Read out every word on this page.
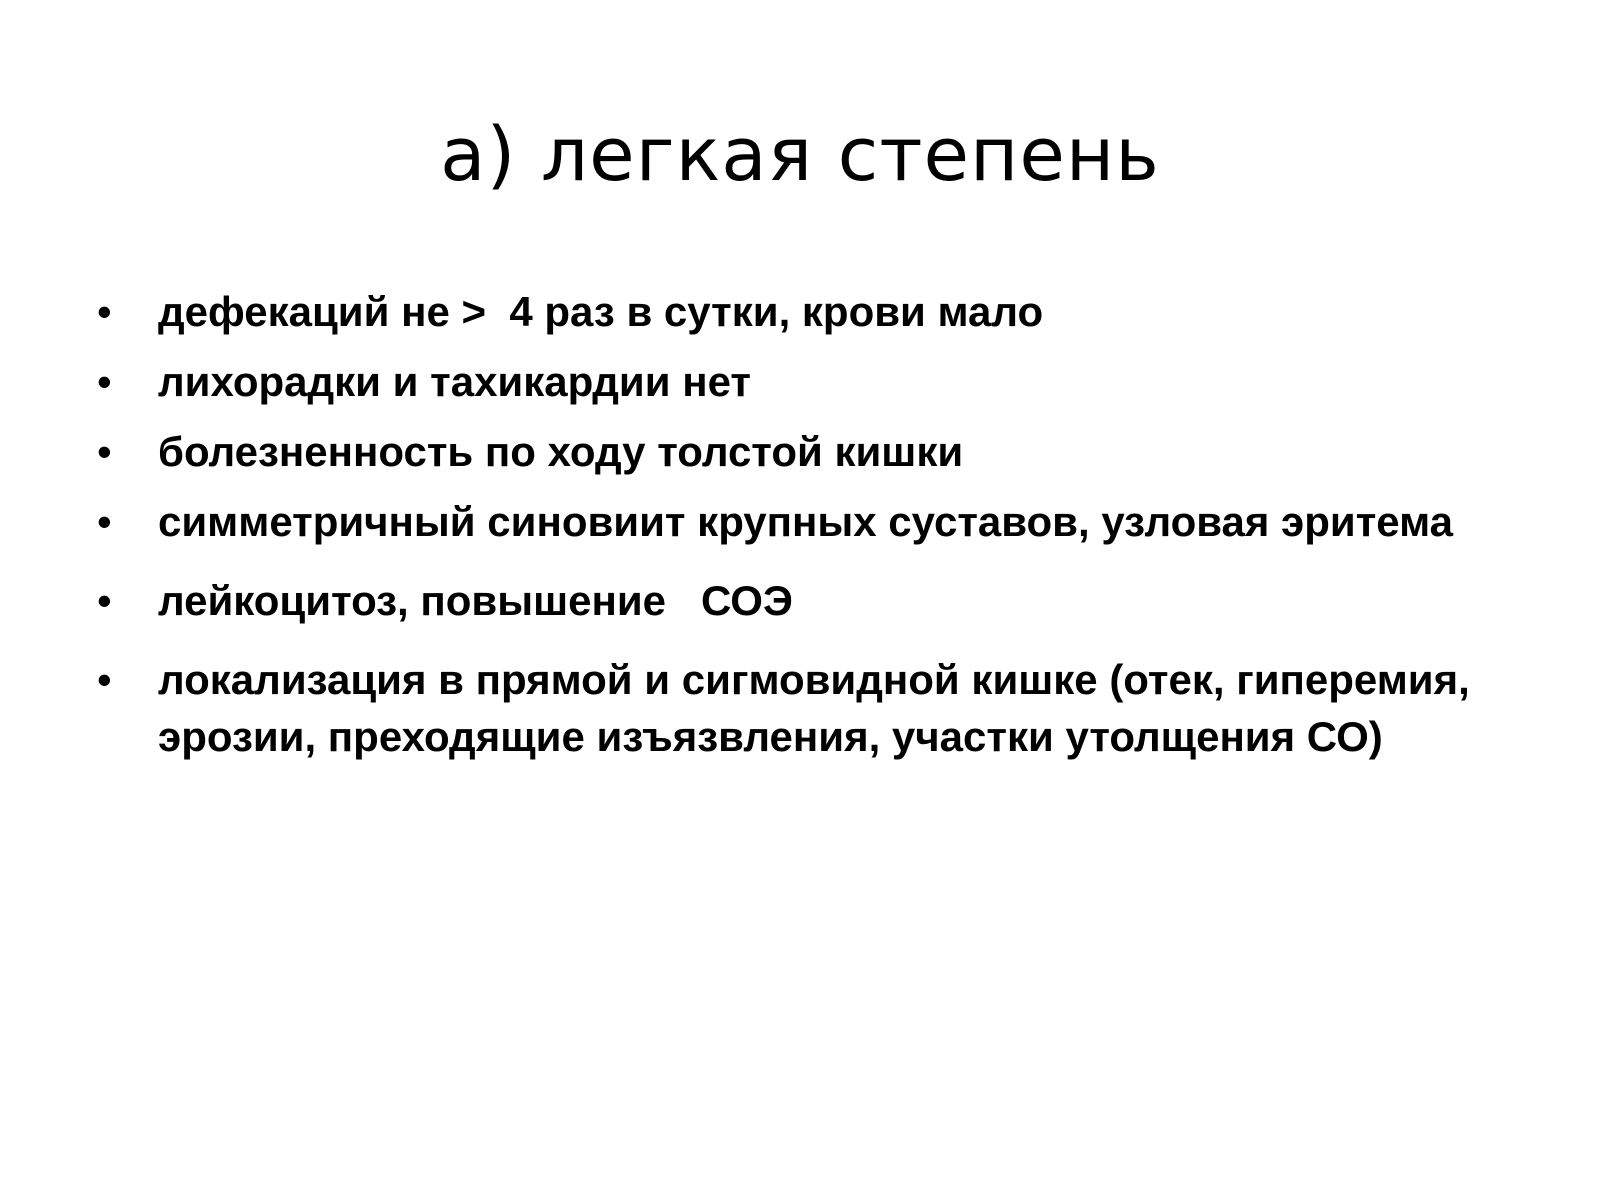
а) легкая степень
• дефекаций не >  4 раз в сутки, крови мало
• лихорадки и тахикардии нет
• болезненность по ходу толстой кишки
• симметричный синовиит крупных суставов, узловая эритема
• лейкоцитоз, повышение   СОЭ
• локализация в прямой и сигмовидной кишке (отек, гиперемия, эрозии, преходящие изъязвления, участки утолщения СО)
